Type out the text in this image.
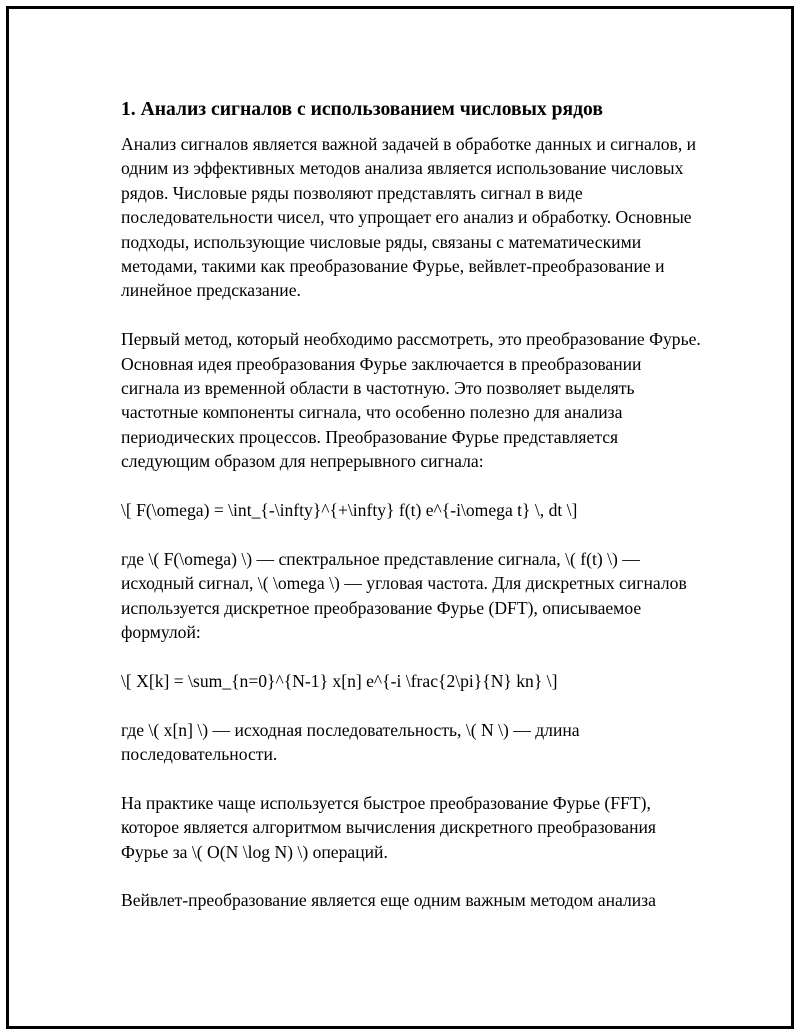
1. Анализ сигналов с использованием числовых рядов
Анализ сигналов является важной задачей в обработке данных и сигналов, и одним из эффективных методов анализа является использование числовых рядов. Числовые ряды позволяют представлять сигнал в виде последовательности чисел, что упрощает его анализ и обработку. Основные подходы, использующие числовые ряды, связаны с математическими методами, такими как преобразование Фурье, вейвлет-преобразование и линейное предсказание.
Первый метод, который необходимо рассмотреть, это преобразование Фурье. Основная идея преобразования Фурье заключается в преобразовании сигнала из временной области в частотную. Это позволяет выделять частотные компоненты сигнала, что особенно полезно для анализа периодических процессов. Преобразование Фурье представляется следующим образом для непрерывного сигнала:
\[ F(\omega) = \int_{-\infty}^{+\infty} f(t) e^{-i\omega t} \, dt \]
где \( F(\omega) \) — спектральное представление сигнала, \( f(t) \) — исходный сигнал, \( \omega \) — угловая частота. Для дискретных сигналов используется дискретное преобразование Фурье (DFT), описываемое формулой:
\[ X[k] = \sum_{n=0}^{N-1} x[n] e^{-i \frac{2\pi}{N} kn} \]
где \( x[n] \) — исходная последовательность, \( N \) — длина последовательности.
На практике чаще используется быстрое преобразование Фурье (FFT), которое является алгоритмом вычисления дискретного преобразования Фурье за \( O(N \log N) \) операций.
Вейвлет-преобразование является еще одним важным методом анализа
